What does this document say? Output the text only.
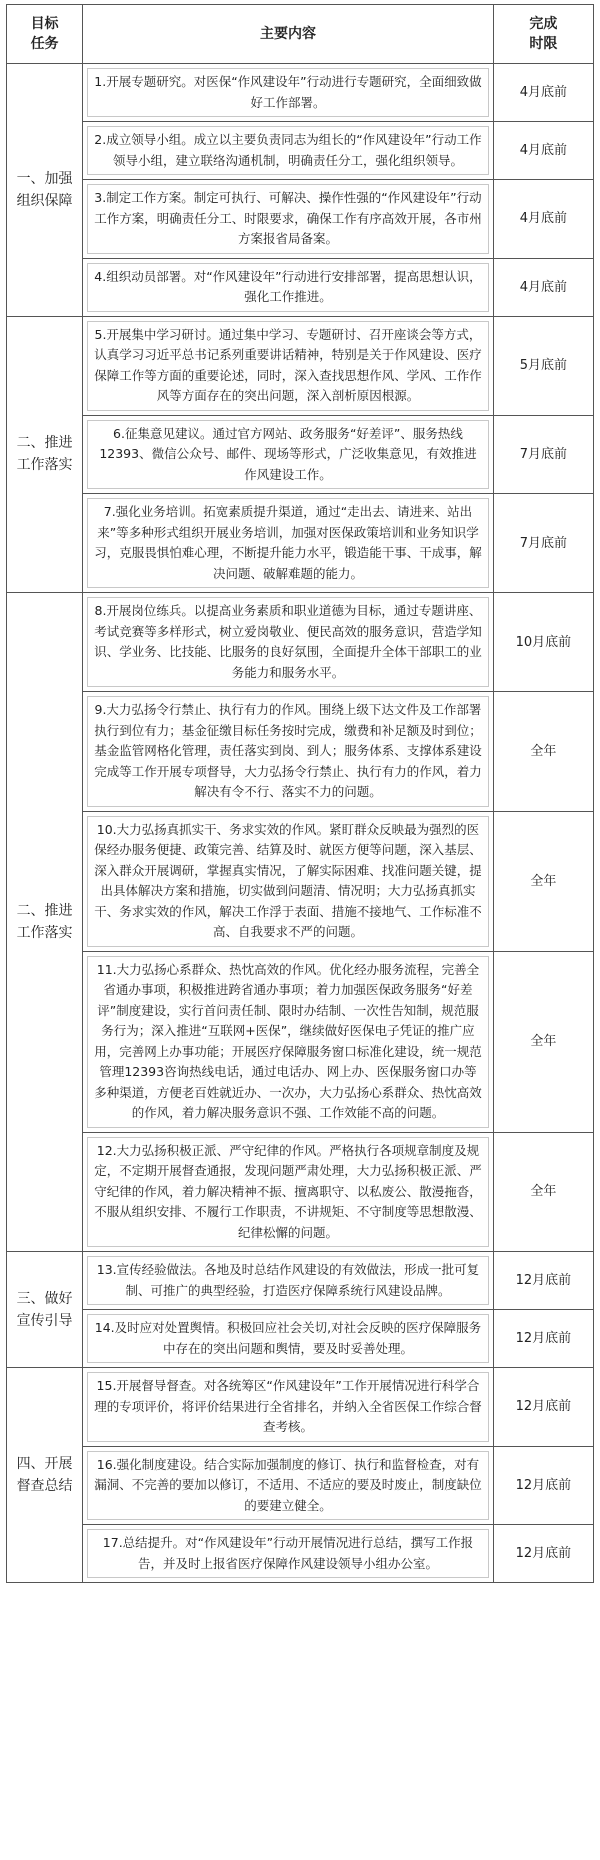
目标
任务	主要内容	完成
时限
一、加强
组织保障	1.开展专题研究。对医保“作风建设年”行动进行专题研究，全面细致做好工作部署。	4月底前

	2.成立领导小组。成立以主要负责同志为组长的“作风建设年”行动工作领导小组，建立联络沟通机制，明确责任分工，强化组织领导。	4月底前

	3.制定工作方案。制定可执行、可解决、操作性强的“作风建设年”行动工作方案，明确责任分工、时限要求，确保工作有序高效开展，各市州方案报省局备案。	4月底前

	4.组织动员部署。对“作风建设年”行动进行安排部署，提高思想认识，强化工作推进。	4月底前
二、推进
工作落实	5.开展集中学习研讨。通过集中学习、专题研讨、召开座谈会等方式，认真学习习近平总书记系列重要讲话精神，特别是关于作风建设、医疗保障工作等方面的重要论述，同时，深入查找思想作风、学风、工作作风等方面存在的突出问题，深入剖析原因根源。	5月底前

	6.征集意见建议。通过官方网站、政务服务“好差评”、服务热线12393、微信公众号、邮件、现场等形式，广泛收集意见，有效推进作风建设工作。	7月底前

	7.强化业务培训。拓宽素质提升渠道，通过“走出去、请进来、站出来”等多种形式组织开展业务培训，加强对医保政策培训和业务知识学习，克服畏惧怕难心理，不断提升能力水平，锻造能干事、干成事，解决问题、破解难题的能力。	7月底前
二、推进
工作落实	8.开展岗位练兵。以提高业务素质和职业道德为目标，通过专题讲座、考试竞赛等多样形式，树立爱岗敬业、便民高效的服务意识，营造学知识、学业务、比技能、比服务的良好氛围，全面提升全体干部职工的业务能力和服务水平。	10月底前

	9.大力弘扬令行禁止、执行有力的作风。围绕上级下达文件及工作部署执行到位有力；基金征缴目标任务按时完成，缴费和补足额及时到位；基金监管网格化管理，责任落实到岗、到人；服务体系、支撑体系建设完成等工作开展专项督导，大力弘扬令行禁止、执行有力的作风，着力解决有令不行、落实不力的问题。	全年

	10.大力弘扬真抓实干、务求实效的作风。紧盯群众反映最为强烈的医保经办服务便捷、政策完善、结算及时、就医方便等问题，深入基层、深入群众开展调研，掌握真实情况，了解实际困难、找准问题关键，提出具体解决方案和措施，切实做到问题清、情况明；大力弘扬真抓实干、务求实效的作风，解决工作浮于表面、措施不接地气、工作标准不高、自我要求不严的问题。	全年

	11.大力弘扬心系群众、热忱高效的作风。优化经办服务流程，完善全省通办事项，积极推进跨省通办事项；着力加强医保政务服务“好差评”制度建设，实行首问责任制、限时办结制、一次性告知制，规范服务行为；深入推进“互联网+医保”，继续做好医保电子凭证的推广应用，完善网上办事功能；开展医疗保障服务窗口标准化建设，统一规范管理12393咨询热线电话，通过电话办、网上办、医保服务窗口办等多种渠道，方便老百姓就近办、一次办，大力弘扬心系群众、热忱高效的作风，着力解决服务意识不强、工作效能不高的问题。	全年

	12.大力弘扬积极正派、严守纪律的作风。严格执行各项规章制度及规定，不定期开展督查通报，发现问题严肃处理，大力弘扬积极正派、严守纪律的作风，着力解决精神不振、擅离职守、以私废公、散漫拖沓，不服从组织安排、不履行工作职责，不讲规矩、不守制度等思想散漫、纪律松懈的问题。	全年
三、做好
宣传引导	13.宣传经验做法。各地及时总结作风建设的有效做法，形成一批可复制、可推广的典型经验，打造医疗保障系统行风建设品牌。	12月底前

	14.及时应对处置舆情。积极回应社会关切,对社会反映的医疗保障服务中存在的突出问题和舆情，要及时妥善处理。	12月底前
四、开展
督查总结	15.开展督导督查。对各统筹区“作风建设年”工作开展情况进行科学合理的专项评价，将评价结果进行全省排名，并纳入全省医保工作综合督查考核。	12月底前

	16.强化制度建设。结合实际加强制度的修订、执行和监督检查，对有漏洞、不完善的要加以修订，不适用、不适应的要及时废止，制度缺位的要建立健全。	12月底前

	17.总结提升。对“作风建设年”行动开展情况进行总结，撰写工作报告，并及时上报省医疗保障作风建设领导小组办公室。	12月底前
